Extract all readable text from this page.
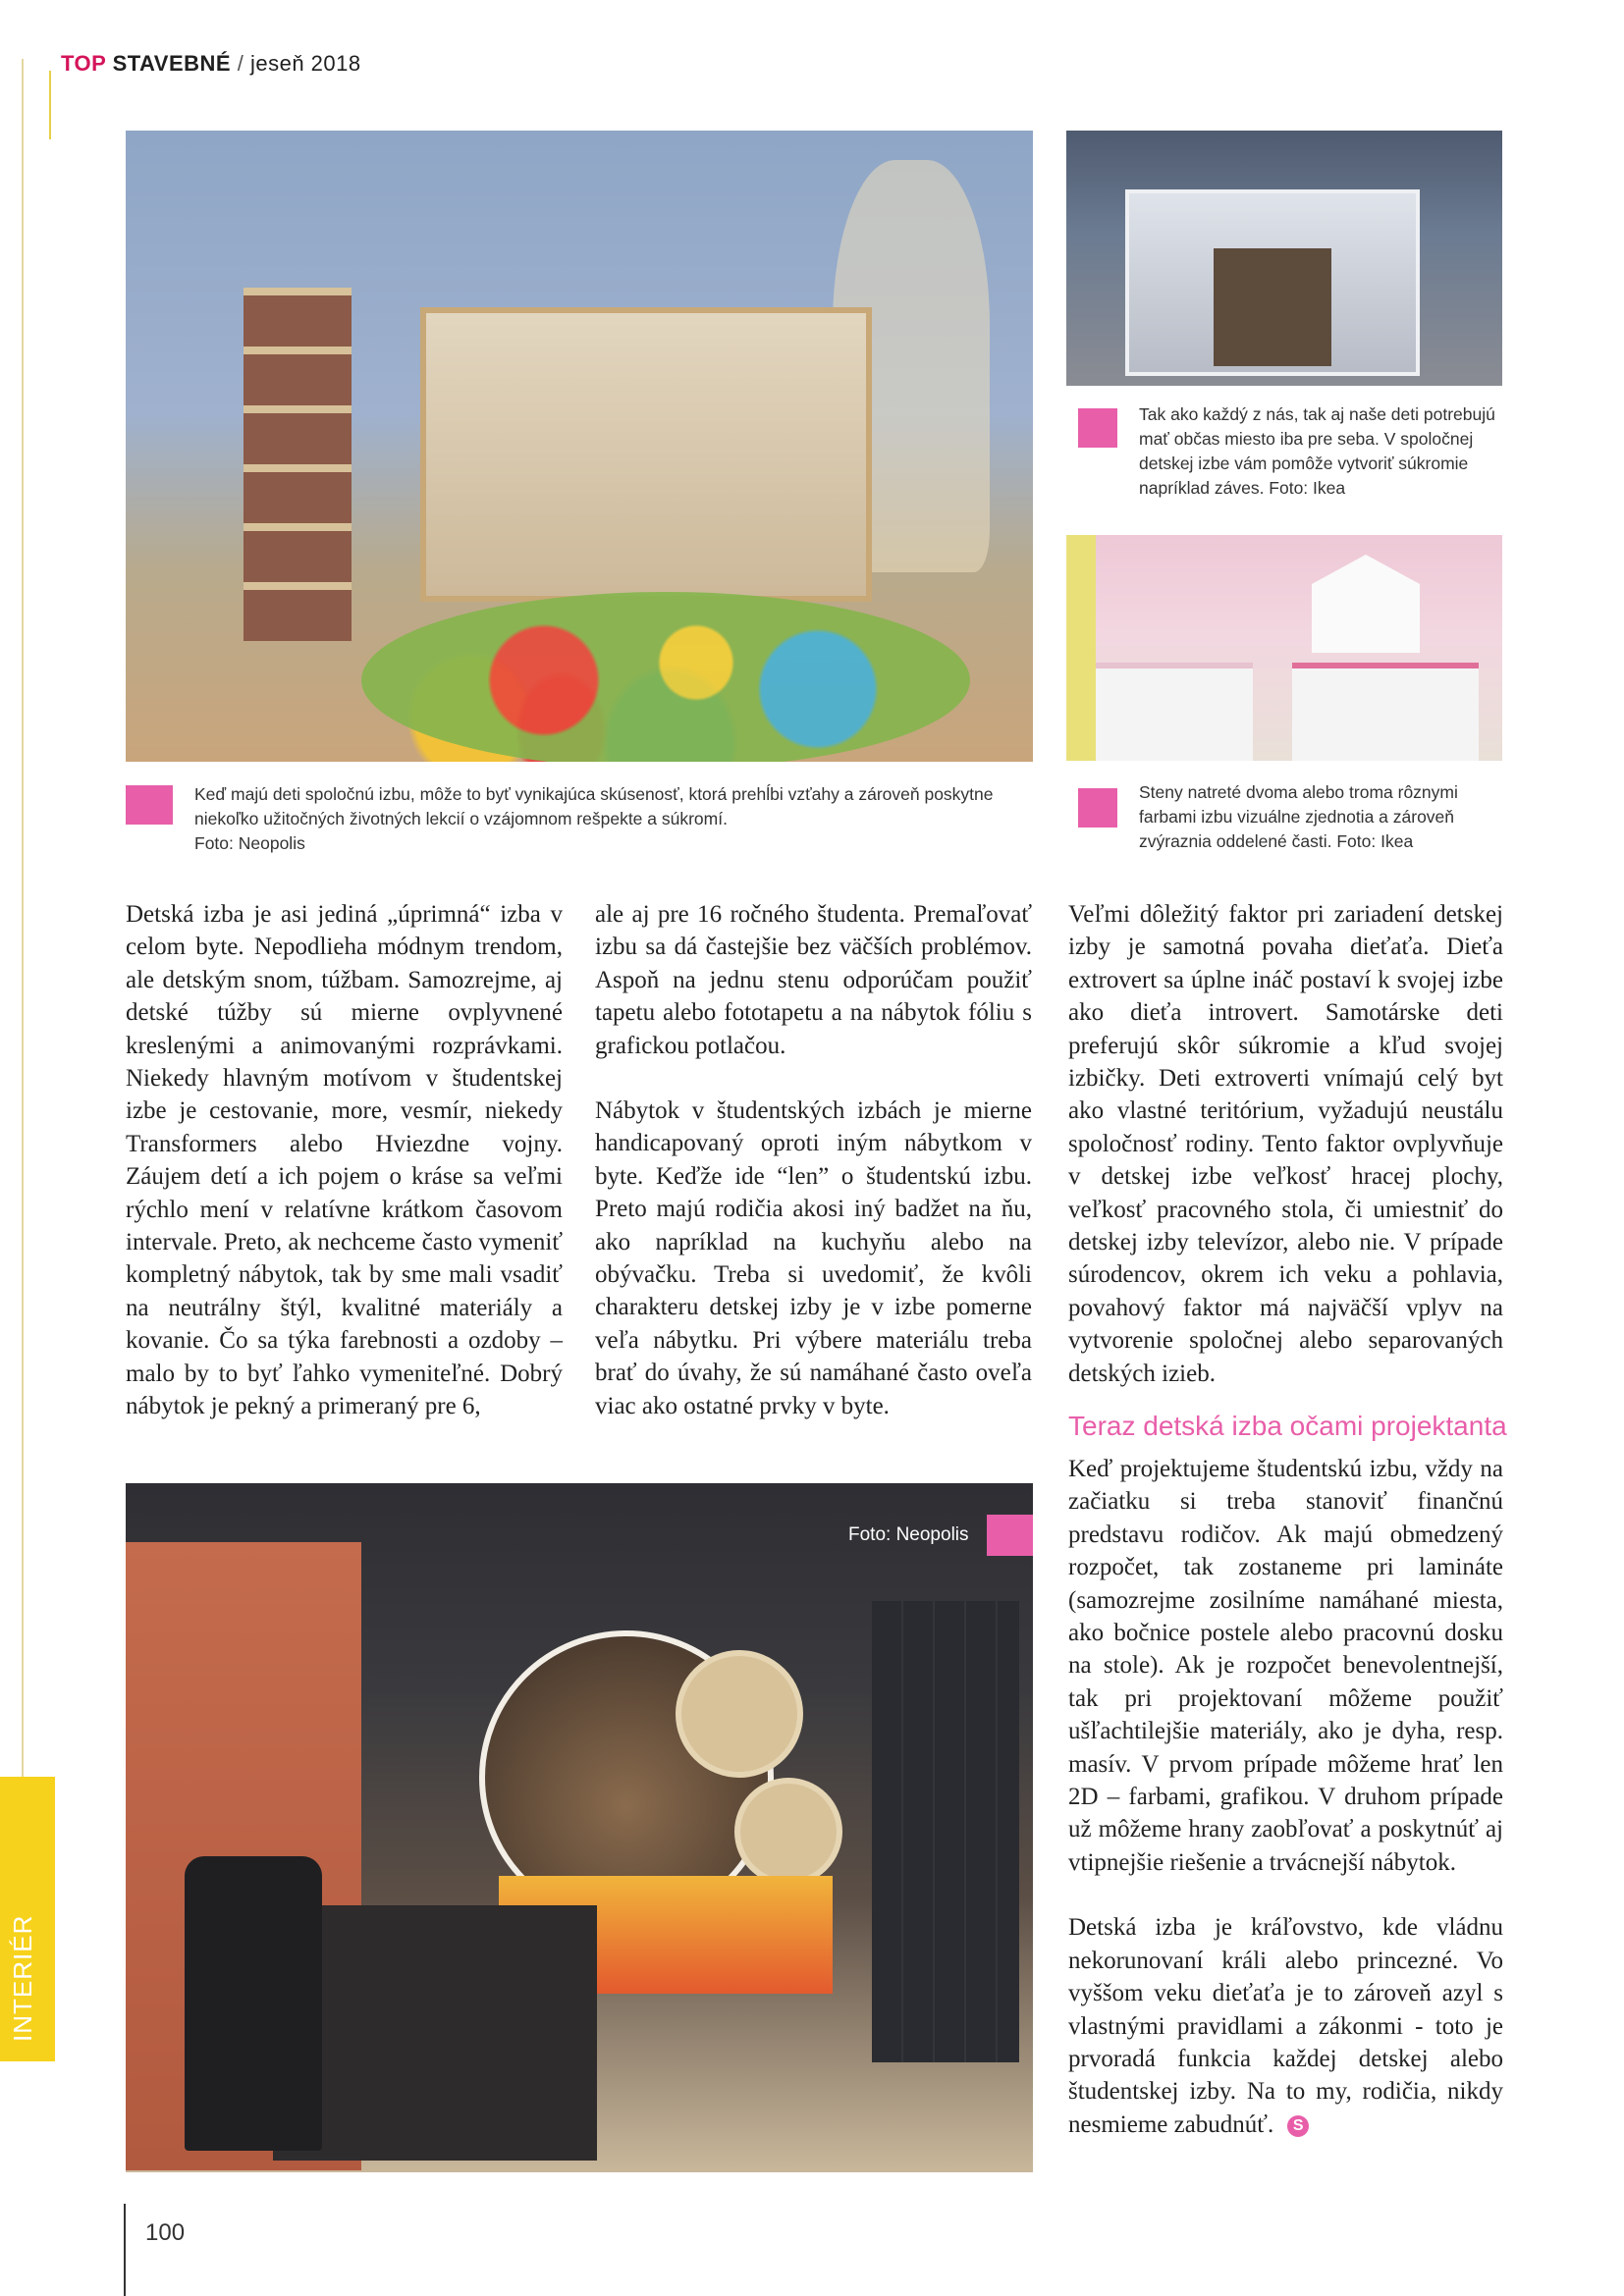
TOP STAVEBNÉ / jeseň 2018
INTERIÉR
Tak ako každý z nás, tak aj naše deti potrebujú mať občas miesto iba pre seba. V spoločnej detskej izbe vám pomôže vytvoriť súkromie napríklad záves. Foto: Ikea
Keď majú deti spoločnú izbu, môže to byť vynikajúca skúsenosť, ktorá prehĺbi vzťahy a zároveň poskytne niekoľko užitočných životných lekcií o vzájomnom rešpekte a súkromí.
Foto: Neopolis
Steny natreté dvoma alebo troma rôznymi farbami izbu vizuálne zjednotia a zároveň zvýraznia oddelené časti. Foto: Ikea

Detská izba je asi jediná „úprimná“ izba v celom byte. Nepodlieha módnym trendom, ale detským snom, túžbam. Samozrejme, aj detské túžby sú mierne ovplyvnené kreslenými a animovanými rozprávkami. Niekedy hlavným motívom v študentskej izbe je cestovanie, more, vesmír, niekedy Transformers alebo Hviezdne vojny. Záujem detí a ich pojem o kráse sa veľmi rýchlo mení v relatívne krátkom časovom intervale. Preto, ak nechceme často vymeniť kompletný nábytok, tak by sme mali vsadiť na neutrálny štýl, kvalitné materiály a kovanie. Čo sa týka farebnosti a ozdoby – malo by to byť ľahko vymeniteľné. Dobrý nábytok je pekný a primeraný pre 6,

ale aj pre 16 ročného študenta. Premaľovať izbu sa dá častejšie bez väčších problémov. Aspoň na jednu stenu odporúčam použiť tapetu alebo fototapetu a na nábytok fóliu s grafickou potlačou.

Nábytok v študentských izbách je mierne handicapovaný oproti iným nábytkom v byte. Keďže ide “len” o študentskú izbu. Preto majú rodičia akosi iný badžet na ňu, ako napríklad na kuchyňu alebo na obývačku. Treba si uvedomiť, že kvôli charakteru detskej izby je v izbe pomerne veľa nábytku. Pri výbere materiálu treba brať do úvahy, že sú namáhané často oveľa viac ako ostatné prvky v byte.

Veľmi dôležitý faktor pri zariadení detskej izby je samotná povaha dieťaťa. Dieťa extrovert sa úplne ináč postaví k svojej izbe ako dieťa introvert. Samotárske deti preferujú skôr súkromie a kľud svojej izbičky. Deti extroverti vnímajú celý byt ako vlastné teritórium, vyžadujú neustálu spoločnosť rodiny. Tento faktor ovplyvňuje v detskej izbe veľkosť hracej plochy, veľkosť pracovného stola, či umiestniť do detskej izby televízor, alebo nie. V prípade súrodencov, okrem ich veku a pohlavia, povahový faktor má najväčší vplyv na vytvorenie spoločnej alebo separovaných detských izieb.

Teraz detská izba očami projektanta

Keď projektujeme študentskú izbu, vždy na začiatku si treba stanoviť finančnú predstavu rodičov. Ak majú obmedzený rozpočet, tak zostaneme pri lamináte (samozrejme zosilníme namáhané miesta, ako bočnice postele alebo pracovnú dosku na stole). Ak je rozpočet benevolentnejší, tak pri projektovaní môžeme použiť ušľachtilejšie materiály, ako je dyha, resp. masív. V prvom prípade môžeme hrať len 2D – farbami, grafikou. V druhom prípade už môžeme hrany zaobľovať a poskytnúť aj vtipnejšie riešenie a trvácnejší nábytok.

Detská izba je kráľovstvo, kde vládnu nekorunovaní králi alebo princezné. Vo vyššom veku dieťaťa je to zároveň azyl s vlastnými pravidlami a zákonmi - toto je prvoradá funkcia každej detskej alebo študentskej izby. Na to my, rodičia, nikdy nesmieme zabudnúť. S

Foto: Neopolis
100
